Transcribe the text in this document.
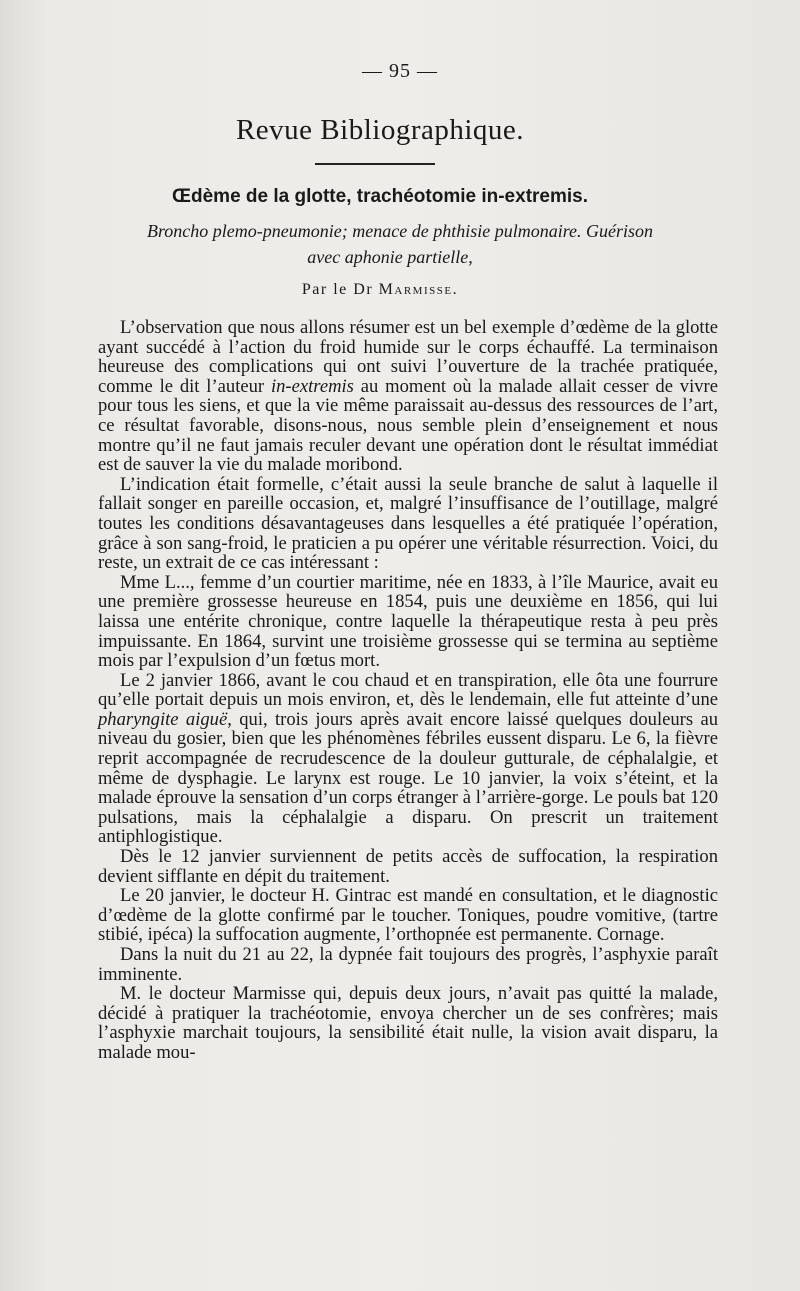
— 95 —
Revue Bibliographique.
Œdème de la glotte, trachéotomie in-extremis.
Broncho plemo-pneumonie; menace de phthisie pulmonaire. Guérison
avec aphonie partielle,
Par le Dr Marmisse.

L’observation que nous allons résumer est un bel exemple d’œdème de la glotte ayant succédé à l’action du froid humide sur le corps échauffé. La terminaison heureuse des complications qui ont suivi l’ouverture de la trachée pratiquée, comme le dit l’auteur in-extremis au moment où la malade allait cesser de vivre pour tous les siens, et que la vie même paraissait au-dessus des ressources de l’art, ce résultat favorable, disons-nous, nous semble plein d’enseignement et nous montre qu’il ne faut jamais reculer devant une opération dont le résultat immédiat est de sauver la vie du malade moribond.

L’indication était formelle, c’était aussi la seule branche de salut à laquelle il fallait songer en pareille occasion, et, malgré l’insuffisance de l’outillage, malgré toutes les conditions désavantageuses dans lesquelles a été pratiquée l’opération, grâce à son sang-froid, le praticien a pu opérer une véritable résurrection. Voici, du reste, un extrait de ce cas intéressant :

Mme L..., femme d’un courtier maritime, née en 1833, à l’île Maurice, avait eu une première grossesse heureuse en 1854, puis une deuxième en 1856, qui lui laissa une entérite chronique, contre laquelle la thérapeutique resta à peu près impuissante. En 1864, survint une troisième grossesse qui se termina au septième mois par l’expulsion d’un fœtus mort.

Le 2 janvier 1866, avant le cou chaud et en transpiration, elle ôta une fourrure qu’elle portait depuis un mois environ, et, dès le lendemain, elle fut atteinte d’une pharyngite aiguë, qui, trois jours après avait encore laissé quelques douleurs au niveau du gosier, bien que les phénomènes fébriles eussent disparu. Le 6, la fièvre reprit accompagnée de recrudescence de la douleur gutturale, de céphalalgie, et même de dysphagie. Le larynx est rouge. Le 10 janvier, la voix s’éteint, et la malade éprouve la sensation d’un corps étranger à l’arrière-gorge. Le pouls bat 120 pulsations, mais la céphalalgie a disparu. On prescrit un traitement antiphlogistique.

Dès le 12 janvier surviennent de petits accès de suffocation, la respiration devient sifflante en dépit du traitement.

Le 20 janvier, le docteur H. Gintrac est mandé en consultation, et le diagnostic d’œdème de la glotte confirmé par le toucher. Toniques, poudre vomitive, (tartre stibié, ipéca) la suffocation augmente, l’orthopnée est permanente. Cornage.

Dans la nuit du 21 au 22, la dypnée fait toujours des progrès, l’asphyxie paraît imminente.

M. le docteur Marmisse qui, depuis deux jours, n’avait pas quitté la malade, décidé à pratiquer la trachéotomie, envoya chercher un de ses confrères; mais l’asphyxie marchait toujours, la sensibilité était nulle, la vision avait disparu, la malade mou-
